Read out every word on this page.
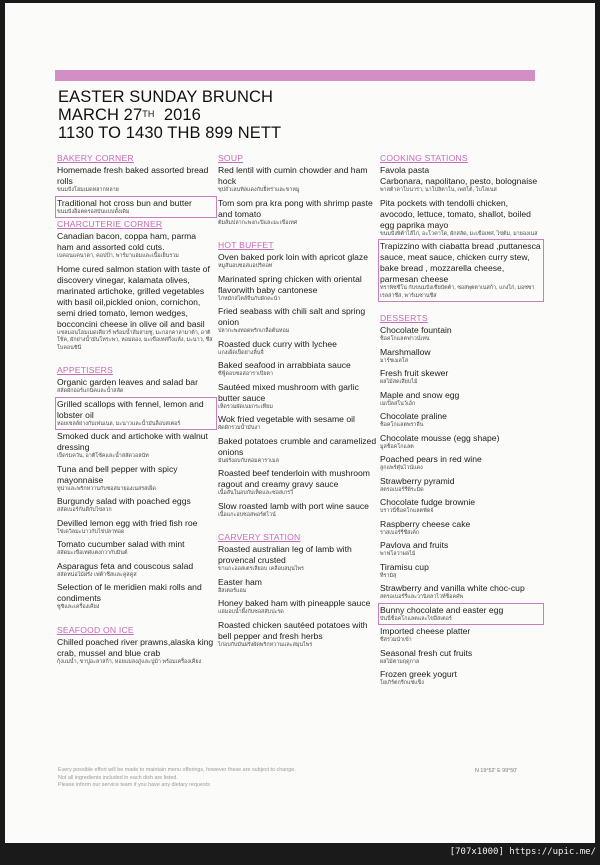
EASTER SUNDAY BRUNCH
MARCH 27TH  2016
1130 TO 1430 THB 899 NETT
BAKERY CORNER
Homemade fresh baked assorted bread rolls
ขนมปังโฮมเมดหลากหลาย
Traditional hot cross bun and butter
ขนมปังฮ็อตครอสบันแบบดั้งเดิม
CHARCUTERIE CORNER
Canadian bacon, coppa ham, parma ham and assorted cold cuts.
เบคอนแคนาดา, คอปป้า, พาร์มาแฮมและเนื้อเย็นรวม
Home cured salmon station with taste of discovery vinegar, kalamata olives, marinated artichoke, grilled vegetables with basil oil,pickled onion, cornichon, semi dried tomato, lemon wedges, bocconcini cheese in olive oil and basil
แซลมอนโฮมเมดเคียวร์ พร้อมน้ำส้มสายชู, มะกอกคาลามาต้า, อาติโช้ค, ผักย่างน้ำมันโหระพา, หอมดอง, มะเขือเทศกึ่งแห้ง, มะนาว, ชีสโบคอนชินี
APPETISERS
Organic garden leaves and salad bar
สลัดผักออร์แกนิคและน้ำสลัด
Grilled scallops with fennel, lemon and lobster oil
หอยเชลล์ย่างกับเฟนเนล, มะนาวและน้ำมันล็อบสเตอร์
Smoked duck and artichoke with walnut dressing
เป็ดรมควัน, อาติโช้คและน้ำสลัดวอลนัท
Tuna and bell pepper with spicy mayonnaise
ทูน่าและพริกหวานกับซอสมายองเนสรสเผ็ด
Burgundy salad with poached eggs
สลัดเบอร์กันดีกับไข่ลวก
Devilled lemon egg with fried fish roe
ไข่เดวิลมะนาวกับไข่ปลาทอด
Tomato cucumber salad with mint
สลัดมะเขือเทศแตงกวากับมินต์
Asparagus feta and couscous salad
สลัดหน่อไม้ฝรั่ง เฟต้าชีสและคูสคูส
Selection of le meridien maki rolls and condiments
ซูชิและเครื่องเคียง
SEAFOOD ON ICE
Chilled poached river prawns,alaska king crab, mussel and blue crab
กุ้งแม่น้ำ, ขาปูอะลาสก้า, หอยแมลงภู่และปูม้า พร้อมเครื่องเคียง
SOUP
Red lentil with cumin chowder and ham hock
ซุปถั่วเลนทิลแดงกับยี่หร่าและขาหมู
Tom som pra kra pong with shrimp paste and tomato
ต้มส้มปลากะพงกะปิและมะเขือเทศ
HOT BUFFET
Oven baked pork loin with apricot glaze
หมูสันอบซอสแอปริคอท
Marinated spring chicken with oriental flavorwith baby cantonese
ไก่หมักสไตล์จีนกับผักคะน้า
Fried seabass with chili salt and spring onion
ปลากะพงทอดพริกเกลือต้นหอม
Roasted duck curry with lychee
แกงเผ็ดเป็ดย่างลิ้นจี่
Baked seafood in arrabbiata sauce
ซีฟู้ดอบซอสอาราเบียตา
Sautéed mixed mushroom with garlic butter sauce
เห็ดรวมผัดเนยกระเทียม
Wok fried vegetable with sesame oil
ผัดผักรวมน้ำมันงา
Baked potatoes crumble and caramelized onions
มันฝรั่งอบกับหอมคาราเมล
Roasted beef tenderloin with mushroom ragout and creamy gravy sauce
เนื้อสันในอบกับเห็ดและซอสเกรวี่
Slow roasted lamb with port wine sauce
เนื้อแกะอบซอสพอร์ตไวน์
CARVERY STATION
Roasted australian leg of lamb with provencal crusted
ขาแกะออสเตรเลียอบ เคลือบสมุนไพร
Easter ham
ฮีสเตอร์แฮม
Honey baked ham with pineapple sauce
แฮมอบน้ำผึ้งกับซอสสับปะรด
Roasted chicken sautéed potatoes with bell pepper and fresh herbs
ไก่อบกับมันฝรั่งผัดพริกหวานและสมุนไพร
COOKING STATIONS
Favola pasta
Carbonara, napolitano, pesto, bolognaise
พาสต้าคาโบนาร่า, นาโปลิตาโน, เพสโต้, โบโลเนส
Pita pockets with tendolli chicken, avocodo, lettuce, tomato, shallot, boiled egg paprika mayo
ขนมปังพิต้าไส้ไก่, อะโวคาโด, ผักสลัด, มะเขือเทศ, ไข่ต้ม, มายองเนส
Trapizzino with ciabatta bread ,puttanesca sauce, meat sauce, chicken curry stew, bake bread , mozzarella cheese, parmesan cheese
ทราพิซซีโน่ กับขนมปังเชียบัตต้า, ซอสพุตตาเนสก้า, แกงไก่, มอซซาเรลล่าชีส, พาร์เมซานชีส
DESSERTS
Chocolate fountain
ช็อคโกแลตฟาวน์เทน
Marshmallow
มาร์ชเมลโล่
Fresh fruit skewer
ผลไม้สดเสียบไม้
Maple and snow egg
เมเปิ้ลสโนว์เอ้ก
Chocolate praline
ช็อคโกแลตพราลีน
Chocolate mousse (egg shape)
มูสช็อคโกแลต
Poached pears in red wine
ลูกแพร์ตุ๋นไวน์แดง
Strawberry pyramid
สตรอเบอร์รี่พีระมิด
Chocolate fudge brownie
บราวนี่ช็อคโกแลตฟัดจ์
Raspberry cheese cake
ราสเบอร์รี่ชีสเค้ก
Pavlova and fruits
พาฟโลว่าผลไม้
Tiramisu cup
ทีรามิสุ
Strawberry and vanilla white choc-cup
สตรอเบอร์รี่และวานิลลาไวท์ช็อคคัพ
Bunny chocolate and easter egg
บันนี่ช็อคโกแลตและไข่อีสเตอร์
Imported cheese platter
ชีสรวมนำเข้า
Seasonal fresh cut fruits
ผลไม้ตามฤดูกาล
Frozen greek yogurt
โยเกิร์ตกรีกแช่แข็ง
Every possible effort will be made to maintain menu offerings, however these are subject to change.
Not all ingredients included in each dish are listed.
Please inform our service team if you have any dietary requests
N 19°52' E 99°50'
[707x1000] https://upic.me/
